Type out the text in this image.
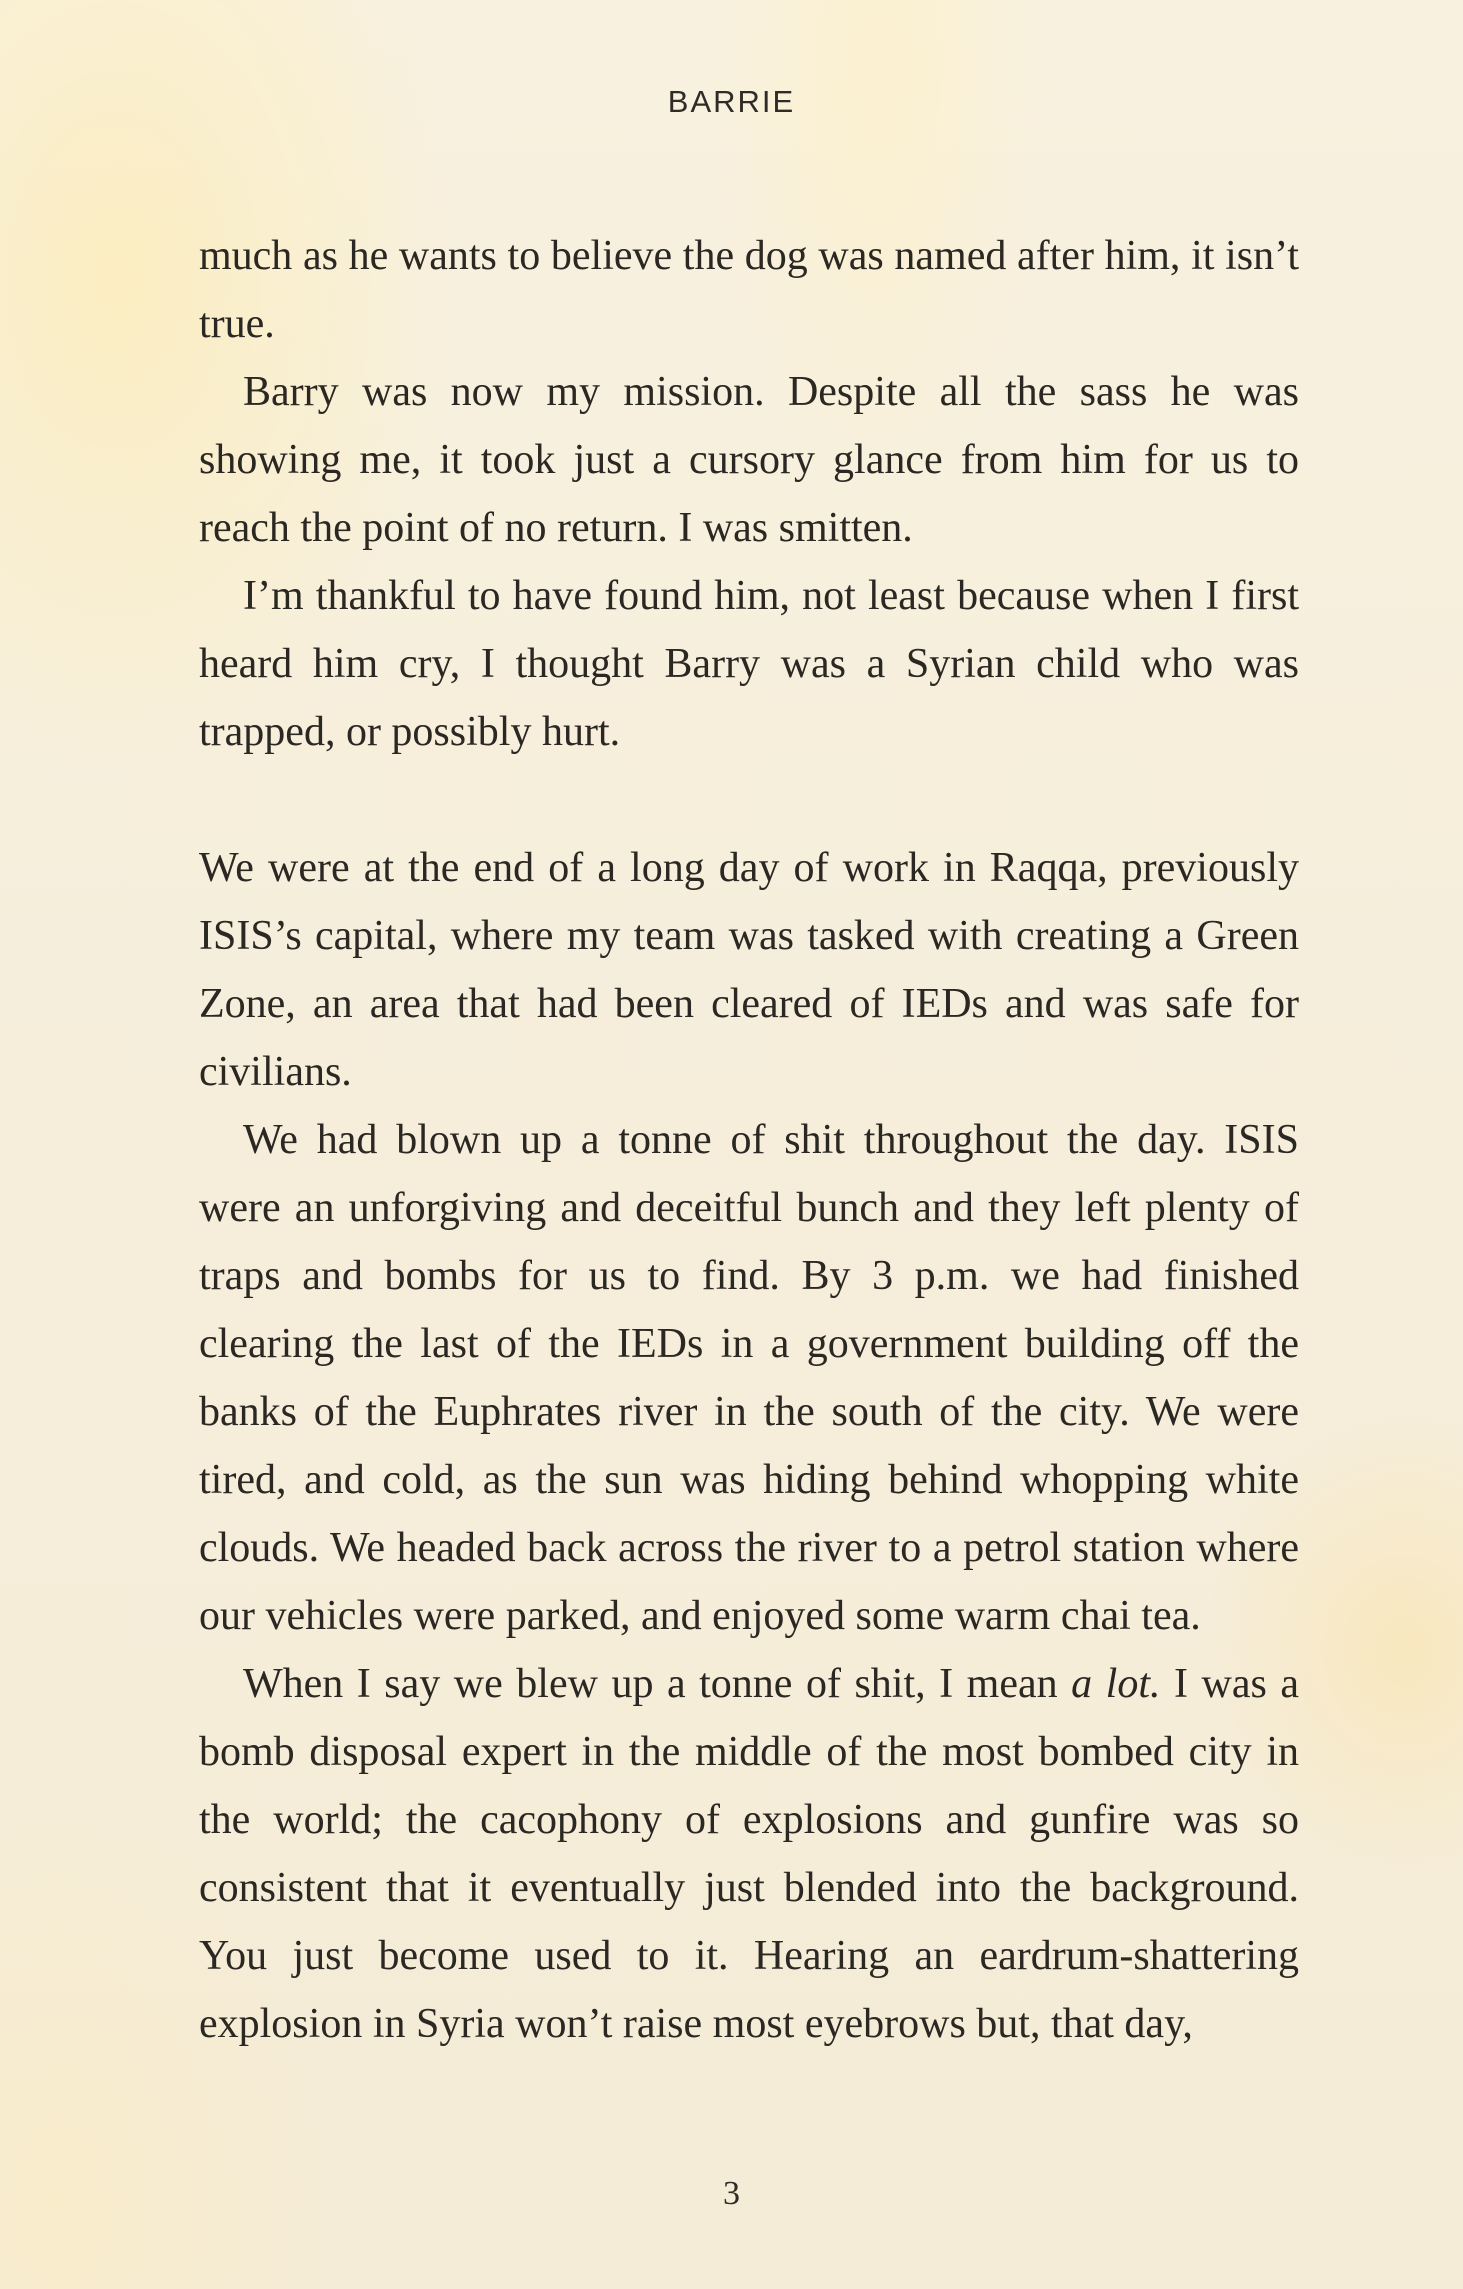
BARRIE

much as he wants to believe the dog was named after him, it isn’t true.

Barry was now my mission. Despite all the sass he was showing me, it took just a cursory glance from him for us to reach the point of no return. I was smitten.

I’m thankful to have found him, not least because when I first heard him cry, I thought Barry was a Syrian child who was trapped, or possibly hurt.

We were at the end of a long day of work in Raqqa, previously ISIS’s capital, where my team was tasked with creating a Green Zone, an area that had been cleared of IEDs and was safe for civilians.

We had blown up a tonne of shit throughout the day. ISIS were an unforgiving and deceitful bunch and they left plenty of traps and bombs for us to find. By 3 p.m. we had finished clearing the last of the IEDs in a government building off the banks of the Euphrates river in the south of the city. We were tired, and cold, as the sun was hiding behind whopping white clouds. We headed back across the river to a petrol station where our vehicles were parked, and enjoyed some warm chai tea.

When I say we blew up a tonne of shit, I mean a lot. I was a bomb disposal expert in the middle of the most bombed city in the world; the cacophony of explosions and gunfire was so consistent that it eventually just blended into the background. You just become used to it. Hearing an eardrum-shattering explosion in Syria won’t raise most eyebrows but, that day,

3
